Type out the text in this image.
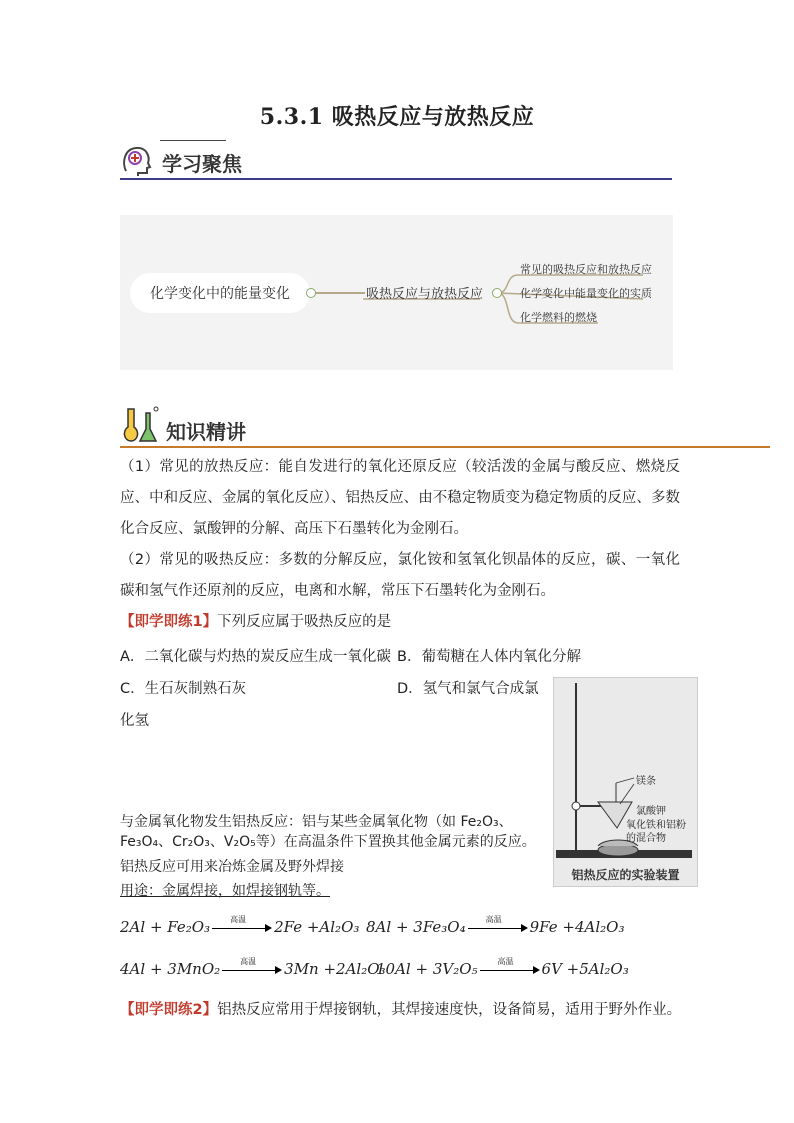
5.3.1 吸热反应与放热反应
学习聚焦
化学变化中的能量变化	吸热反应与放热反应
常见的吸热反应和放热反应
化学变化中能量变化的实质
化学燃料的燃烧
知识精讲
（1）常见的放热反应：能自发进行的氧化还原反应（较活泼的金属与酸反应、燃烧反应、中和反应、金属的氧化反应）、铝热反应、由不稳定物质变为稳定物质的反应、多数化合反应、氯酸钾的分解、高压下石墨转化为金刚石。
（2）常见的吸热反应：多数的分解反应，氯化铵和氢氧化钡晶体的反应，碳、一氧化碳和氢气作还原剂的反应，电离和水解，常压下石墨转化为金刚石。
【即学即练1】下列反应属于吸热反应的是
A．二氧化碳与灼热的炭反应生成一氧化碳 B．葡萄糖在人体内氧化分解
C．生石灰制熟石灰	D．氢气和氯气合成氯
化氢
镁条
氯酸钾
氧化铁和铝粉
的混合物
铝热反应的实验装置
与金属氧化物发生铝热反应：铝与某些金属氧化物（如 Fe₂O₃、Fe₃O₄、Cr₂O₃、V₂O₅等）在高温条件下置换其他金属元素的反应。
铝热反应可用来冶炼金属及野外焊接
用途：金属焊接，如焊接钢轨等。
2Al + Fe₂O₃	高温 2Fe +Al₂O₃ 8Al + 3Fe₃O₄	高温 9Fe +4Al₂O₃
4Al + 3MnO₂	高温 3Mn +2Al₂O₃
10Al + 3V₂O₅	高温 6V +5Al₂O₃
【即学即练2】铝热反应常用于焊接钢轨，其焊接速度快，设备简易，适用于野外作业。
